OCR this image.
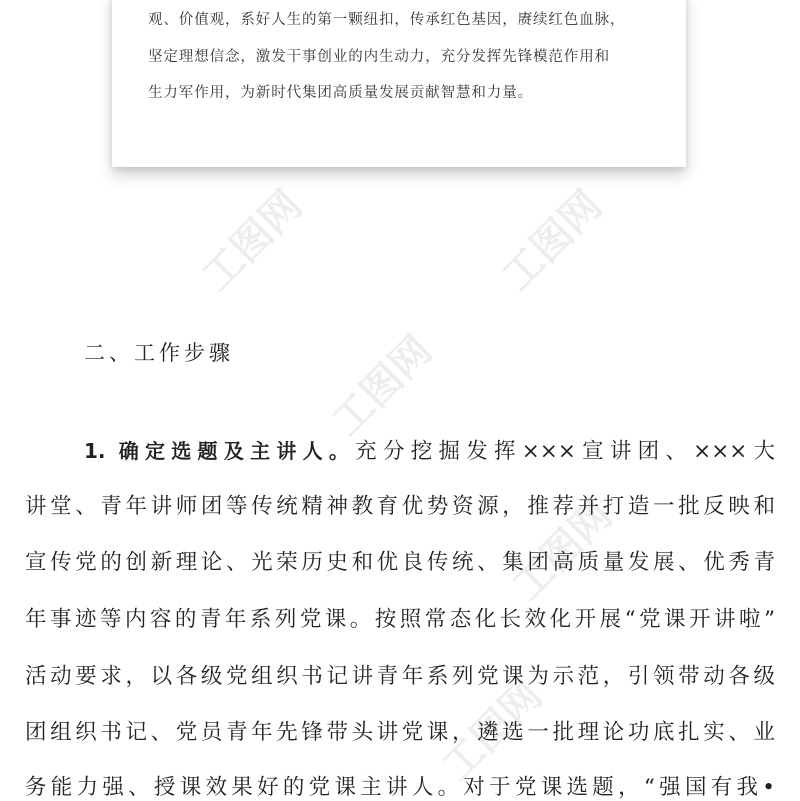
工图网	工图网
工图网
工图网
工图网
观、价值观，系好人生的第一颗纽扣，传承红色基因，赓续红色血脉，
坚定理想信念，激发干事创业的内生动力，充分发挥先锋模范作用和
生力军作用，为新时代集团高质量发展贡献智慧和力量。
二、工作步骤
1. 确定选题及主讲人。充分挖掘发挥×××宣讲团、×××大
讲堂、青年讲师团等传统精神教育优势资源，推荐并打造一批反映和
宣传党的创新理论、光荣历史和优良传统、集团高质量发展、优秀青
年事迹等内容的青年系列党课。按照常态化长效化开展“党课开讲啦”
活动要求，以各级党组织书记讲青年系列党课为示范，引领带动各级
团组织书记、党员青年先锋带头讲党课，遴选一批理论功底扎实、业
务能力强、授课效果好的党课主讲人。对于党课选题，“强国有我•
